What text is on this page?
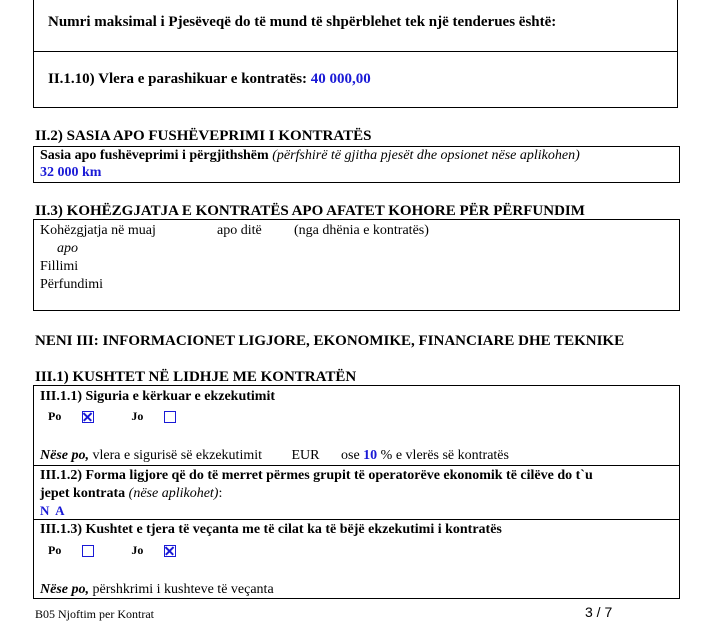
Numri maksimal i Pjesëveqë do të mund të shpërblehet tek një tenderues është:
II.1.10) Vlera e parashikuar e kontratës: 40 000,00
II.2) SASIA APO FUSHËVEPRIMI I KONTRATËS
Sasia apo fushëveprimi i përgjithshëm (përfshirë të gjitha pjesët dhe opsionet nëse aplikohen)
32 000 km
II.3) KOHËZGJATJA E KONTRATËS APO AFATET KOHORE PËR PËRFUNDIM
Kohëzgjatja në muaj	apo ditë (nga dhënia e kontratës)
apo
Fillimi
Përfundimi
NENI III: INFORMACIONET LIGJORE, EKONOMIKE, FINANCIARE DHE TEKNIKE
III.1) KUSHTET NË LIDHJE ME KONTRATËN
III.1.1) Siguria e kërkuar e ekzekutimit
Po	Jo
Nëse po, vlera e sigurisë së ekzekutimit EUR ose 10 % e vlerës së kontratës
III.1.2) Forma ligjore që do të merret përmes grupit të operatorëve ekonomik të cilëve do t`u
jepet kontrata (nëse aplikohet):
N  A
III.1.3) Kushtet e tjera të veçanta me të cilat ka të bëjë ekzekutimi i kontratës
Po	Jo
Nëse po, përshkrimi i kushteve të veçanta
B05 Njoftim per Kontrat	3 / 7
